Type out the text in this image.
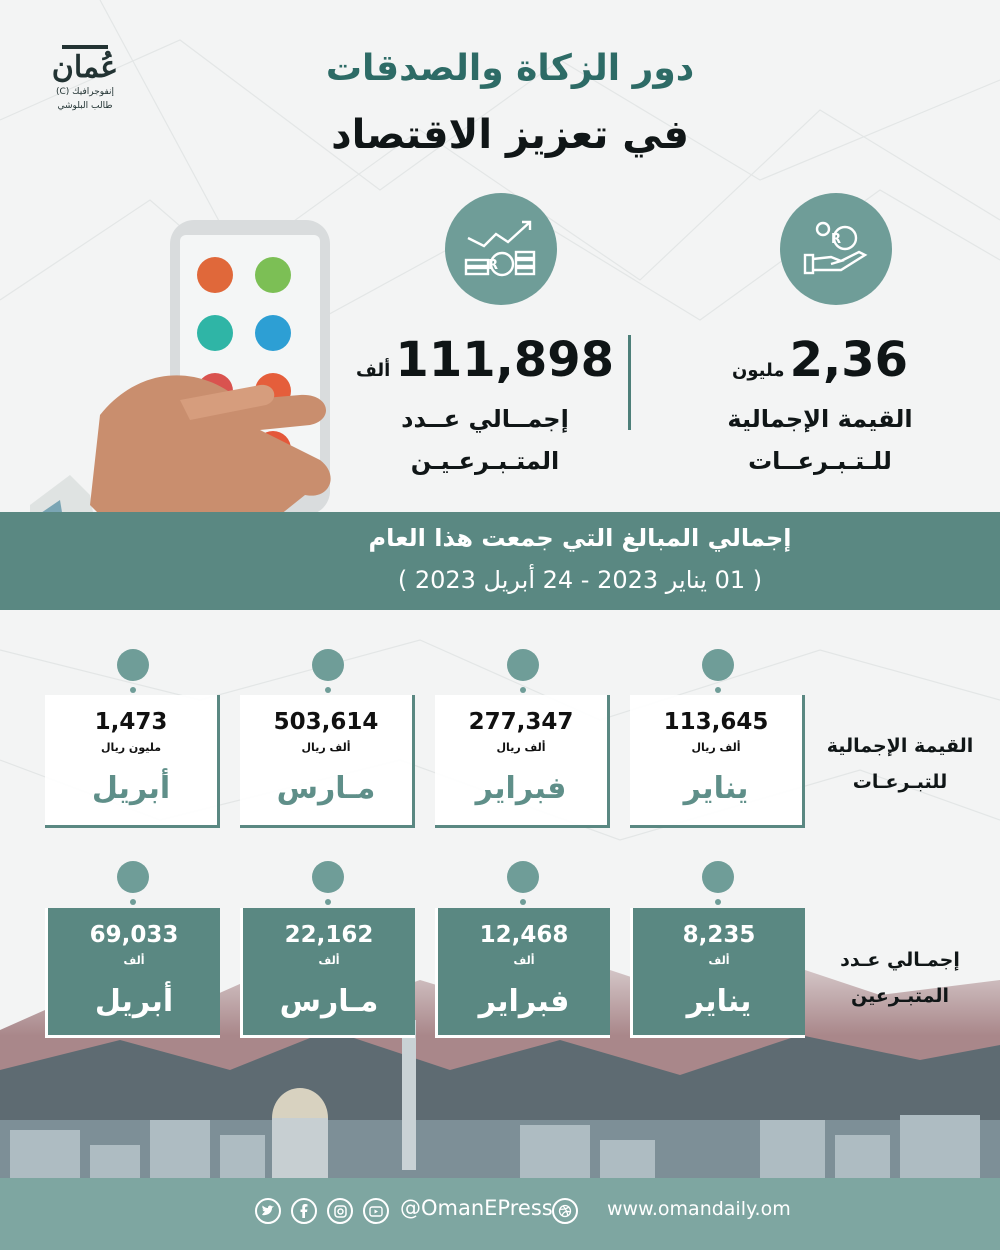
عُمان
إنفوجرافيك (C)
طالب البلوشي
دور الزكاة والصدقات
في تعزيز الاقتصاد
R
R
2,36 مليون
القيمة الإجمالية
للـتـبـرعــات
111,898 ألف
إجمــالي عــدد
المتـبـرعـيـن
إجمالي المبالغ التي جمعت هذا العام
( 01 يناير 2023 - 24 أبريل 2023 )
القيمة الإجمالية
للتبـرعـات
إجمـالي عـدد
المتبـرعين
113,645
ألف ريال
يناير
277,347
ألف ريال
فبراير
503,614
ألف ريال
مـارس
1,473
مليون ريال
أبريل
8,235
ألف
يناير
12,468
ألف
فبراير
22,162
ألف
مـارس
69,033
ألف
أبريل
@OmanEPress	www.omandaily.om
